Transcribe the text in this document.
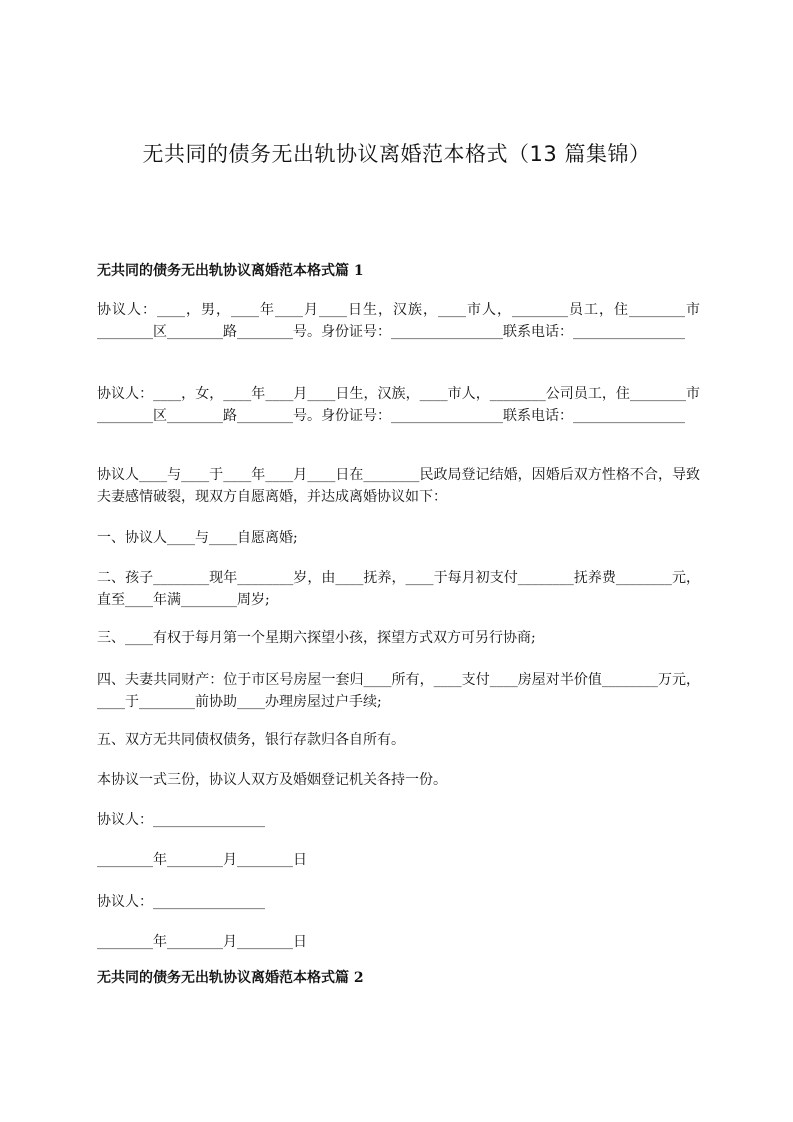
无共同的债务无出轨协议离婚范本格式（13 篇集锦）
无共同的债务无出轨协议离婚范本格式篇 1
协议人：____，男，____年____月____日生，汉族，____市人，________员工，住________市________区________路________号。身份证号：________________联系电话：________________
协议人：____，女，____年____月____日生，汉族，____市人，________公司员工，住________市________区________路________号。身份证号：________________联系电话：________________
协议人____与____于____年____月____日在________民政局登记结婚，因婚后双方性格不合，导致夫妻感情破裂，现双方自愿离婚，并达成离婚协议如下：
一、协议人____与____自愿离婚;
二、孩子________现年________岁，由____抚养，____于每月初支付________抚养费________元，直至____年满________周岁;
三、____有权于每月第一个星期六探望小孩，探望方式双方可另行协商;
四、夫妻共同财产：位于市区号房屋一套归____所有，____支付____房屋对半价值________万元，____于________前协助____办理房屋过户手续;
五、双方无共同债权债务，银行存款归各自所有。
本协议一式三份，协议人双方及婚姻登记机关各持一份。
协议人：________________
________年________月________日
协议人：________________
________年________月________日
无共同的债务无出轨协议离婚范本格式篇 2
